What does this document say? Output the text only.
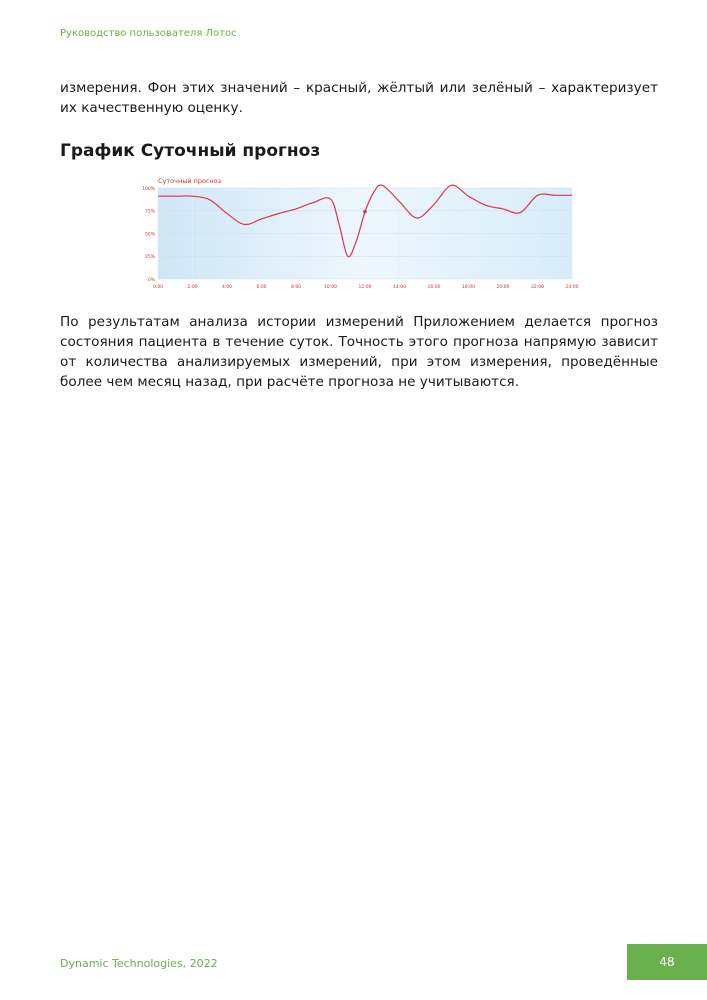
Руководство пользователя Лотос

измерения. Фон этих значений – красный, жёлтый или зелёный – характеризует их качественную оценку.

График Суточный прогноз
Суточный прогноз
0%
25%
50%
75%
100%
0:00	2:00	4:00	6:00	8:00	10:00	12:00	14:00	16:00	18:00	20:00	22:00	24:00

По результатам анализа истории измерений Приложением делается прогноз состояния пациента в течение суток. Точность этого прогноза напрямую зависит от количества анализируемых измерений, при этом измерения, проведённые более чем месяц назад, при расчёте прогноза не учитываются.

Dynamic Technologies, 2022	48
